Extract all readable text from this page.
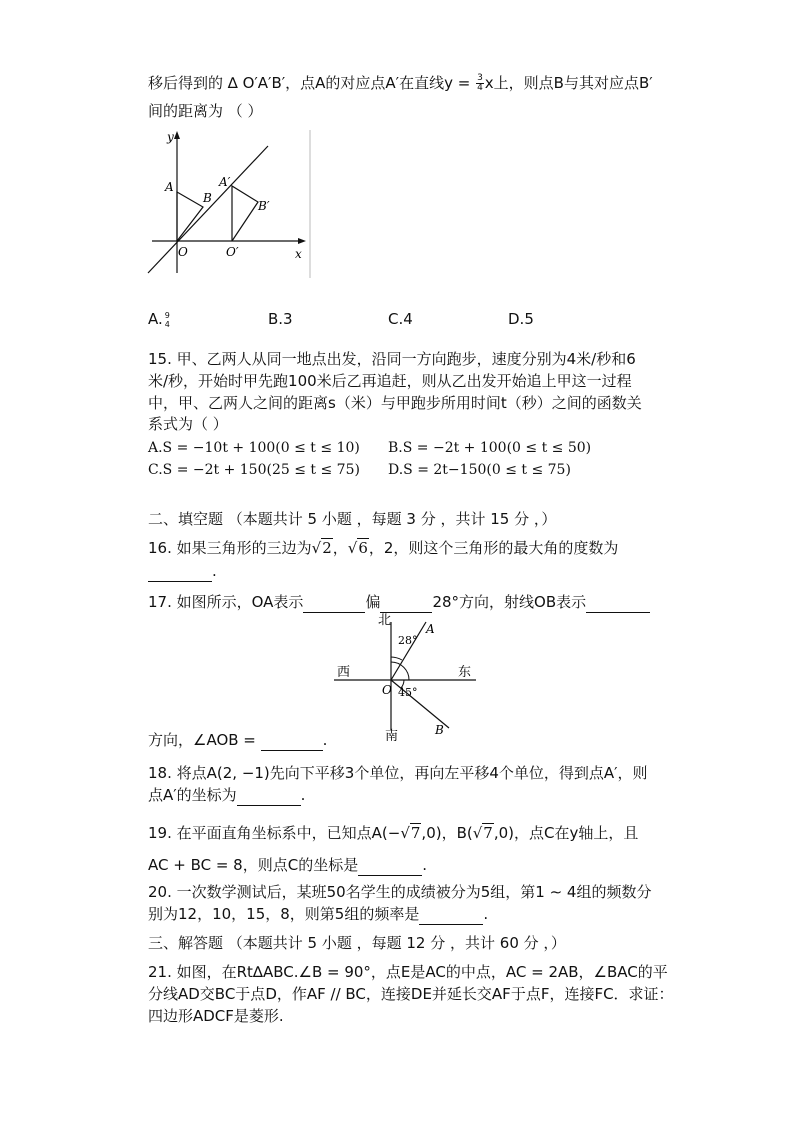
移后得到的 ∆ O′A′B′，点A的对应点A′在直线$y = \frac{3}{4}$ x上，则点B与其对应点B′
间的距离为 （ ）
y
A
B
O
A′
B′
O′	x
A. 9
4	B.3	C.4	D.5
15. 甲、乙两人从同一地点出发，沿同一方向跑步，速度分别为4米/秒和6
米/秒，开始时甲先跑100米后乙再追赶，则从乙出发开始追上甲这一过程
中，甲、乙两人之间的距离s（米）与甲跑步所用时间t（秒）之间的函数关
系式为（ ）
A.S = −10t + 100(0 ≤ t ≤ 10) B.S = −2t + 100(0 ≤ t ≤ 50)
C.S = −2t + 150(25 ≤ t ≤ 75) D.S = 2t−150(0 ≤ t ≤ 75)
二、填空题 （本题共计 5 小题 ，每题 3 分 ，共计 15 分 ，）
16. 如果三角形的三边为√2，√6，2，则这个三角形的最大角的度数为
.
17. 如图所示，OA表示	偏	28°方向，射线OB表示
北
西	东
南
28°
45°
A
B
O
方向，∠AOB =	.
18. 将点A(2, −1)先向下平移3个单位，再向左平移4个单位，得到点A′，则
点A′的坐标为	.
19. 在平面直角坐标系中，已知点A(−√7,0)，B(√7,0)，点C在y轴上，且
AC + BC = 8，则点C的坐标是	.
20. 一次数学测试后，某班50名学生的成绩被分为5组，第1 ∼ 4组的频数分
别为12，10，15，8，则第5组的频率是	.
三、解答题 （本题共计 5 小题 ，每题 12 分 ，共计 60 分 ，）
21. 如图，在Rt∆ABC.∠B = 90°，点E是AC的中点，AC = 2AB，∠BAC的平
分线AD交BC于点D，作AF // BC，连接DE并延长交AF于点F，连接FC．求证：
四边形ADCF是菱形.
